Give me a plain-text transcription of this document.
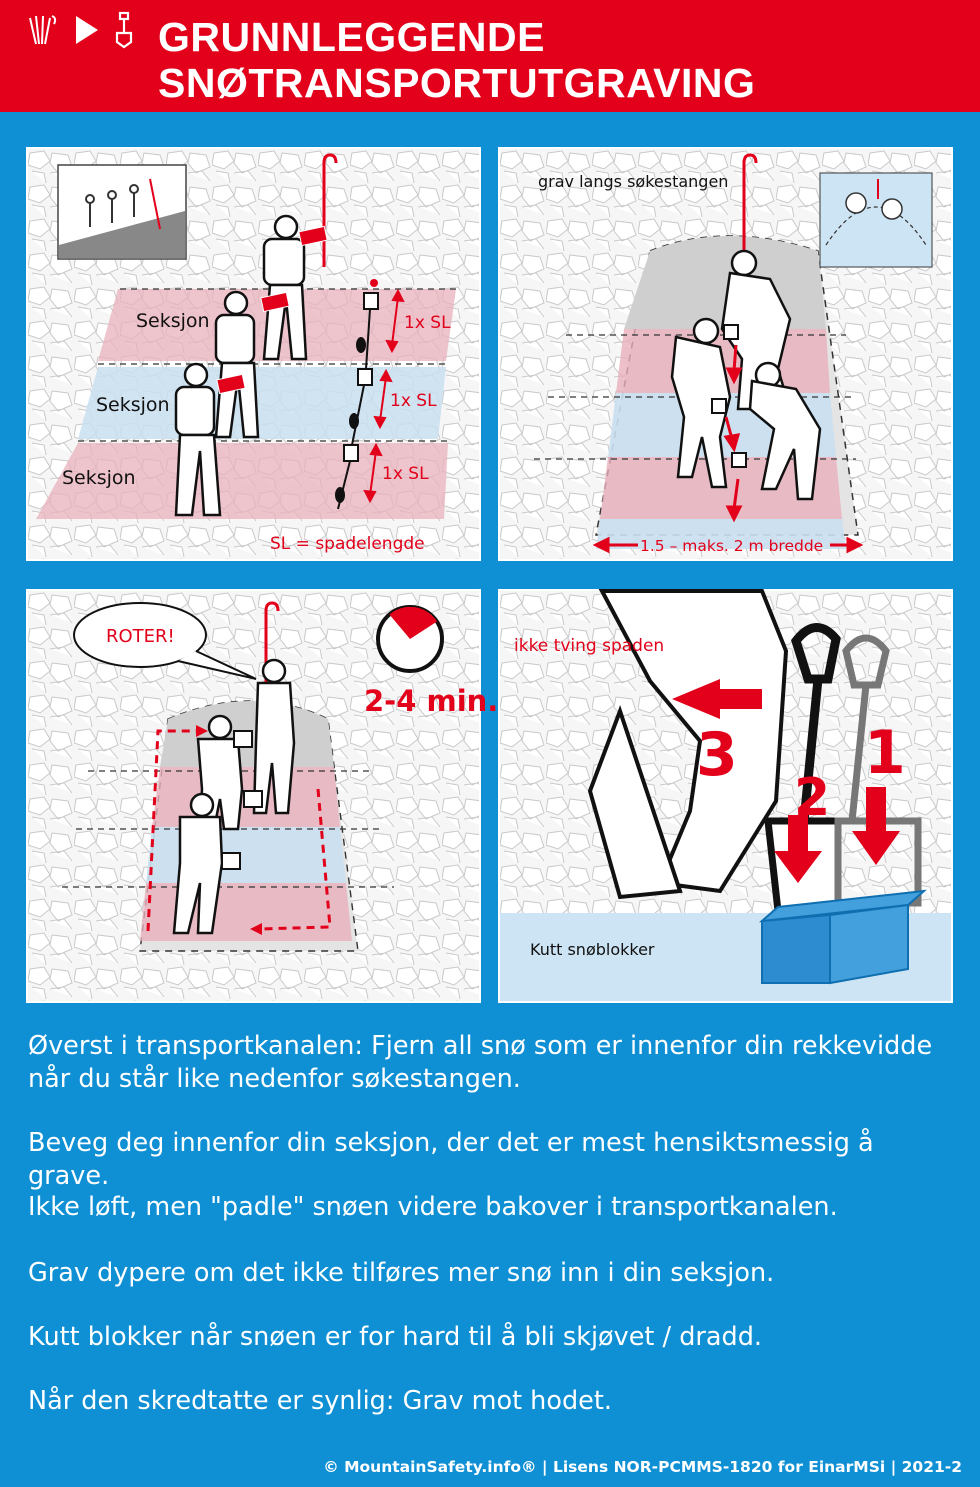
GRUNNLEGGENDE
SNØTRANSPORTUTGRAVING
1x SL
1x SL
1x SL
Seksjon
Seksjon
Seksjon
SL = spadelengde
grav langs søkestangen
1.5 – maks. 2 m bredde
ROTER!
2-4 min.
3
2
1
ikke tving spaden
Kutt snøblokker
Øverst i transportkanalen: Fjern all snø som er innenfor din rekkevidde når du står like nedenfor søkestangen.
Beveg deg innenfor din seksjon, der det er mest hensiktsmessig å grave.
Ikke løft, men "padle" snøen videre bakover i transportkanalen.
Grav dypere om det ikke tilføres mer snø inn i din seksjon.
Kutt blokker når snøen er for hard til å bli skjøvet / dradd.
Når den skredtatte er synlig: Grav mot hodet.
© MountainSafety.info® | Lisens NOR-PCMMS-1820 for EinarMSi | 2021-2
